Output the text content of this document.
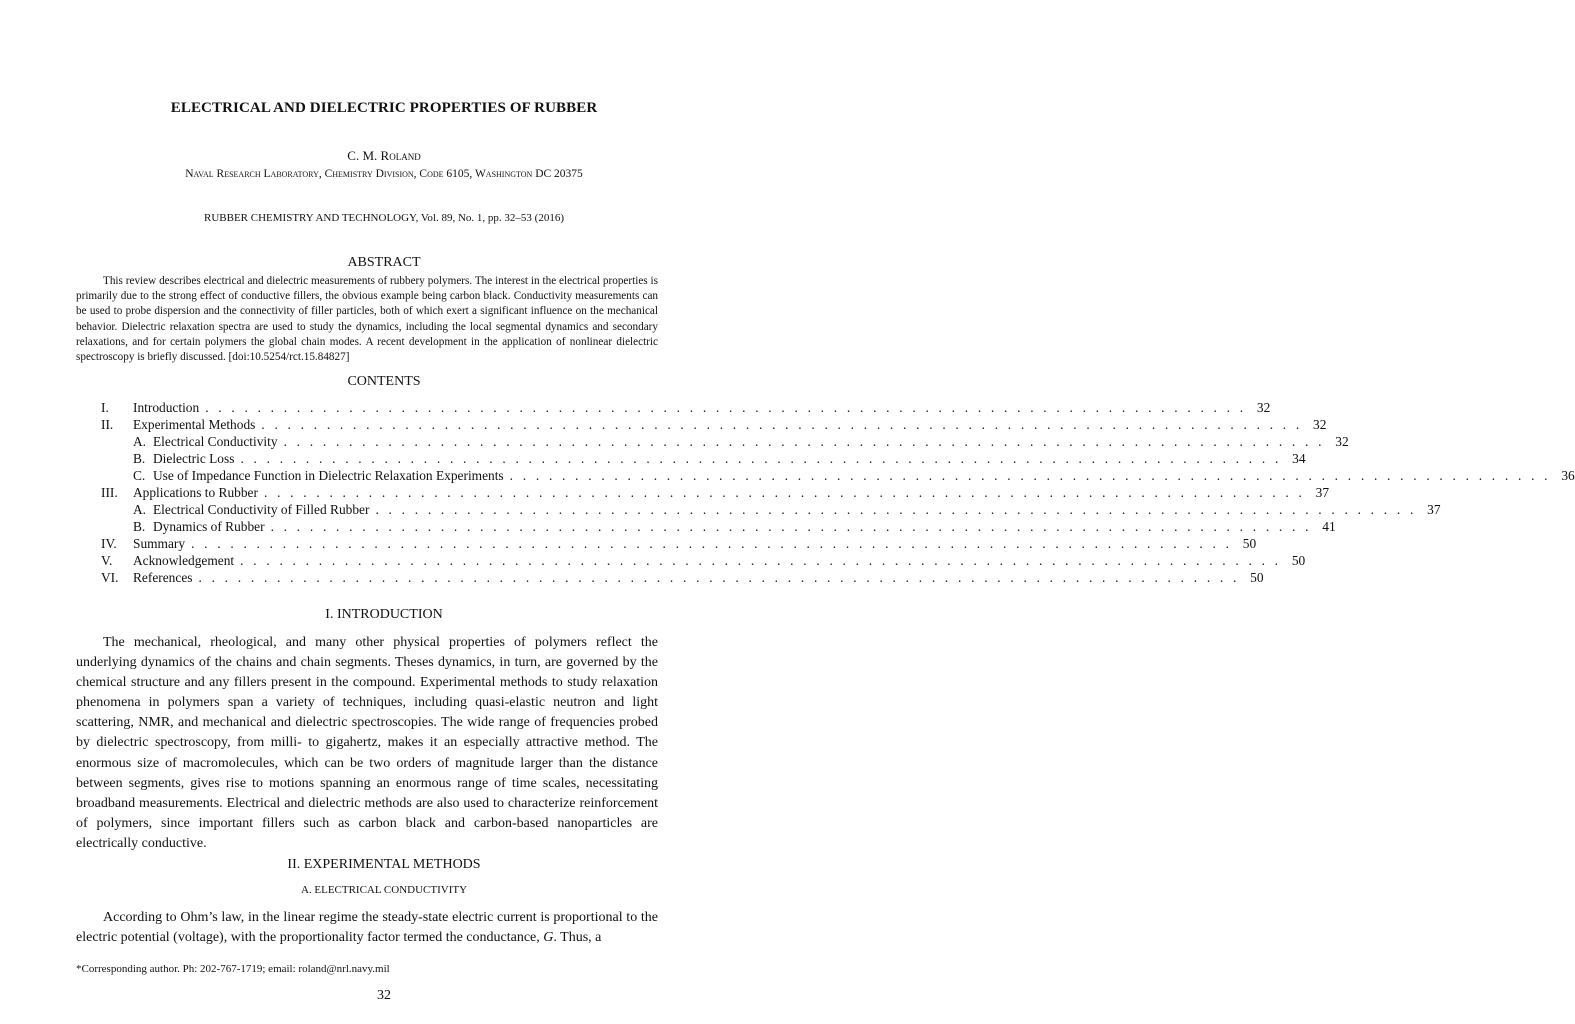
ELECTRICAL AND DIELECTRIC PROPERTIES OF RUBBER
C. M. Roland
Naval Research Laboratory, Chemistry Division, Code 6105, Washington DC 20375
RUBBER CHEMISTRY AND TECHNOLOGY, Vol. 89, No. 1, pp. 32–53 (2016)
ABSTRACT

This review describes electrical and dielectric measurements of rubbery polymers. The interest in the electrical properties is primarily due to the strong effect of conductive fillers, the obvious example being carbon black. Conductivity measurements can be used to probe dispersion and the connectivity of filler particles, both of which exert a significant influence on the mechanical behavior. Dielectric relaxation spectra are used to study the dynamics, including the local segmental dynamics and secondary relaxations, and for certain polymers the global chain modes. A recent development in the application of nonlinear dielectric spectroscopy is briefly discussed. [doi:10.5254/rct.15.84827]

CONTENTS
I.	Introduction . . . . . . . . . . . . . . . . . . . . . . . . . . . . . . . . . . . . . . . . . . . . . . . . . . . . . . . . . . . . . . . . . . . . . . . . . . . . . . . . 32
II.	Experimental Methods . . . . . . . . . . . . . . . . . . . . . . . . . . . . . . . . . . . . . . . . . . . . . . . . . . . . . . . . . . . . . . . . . . . . . . . . . . . . . . . . 32
A. Electrical Conductivity . . . . . . . . . . . . . . . . . . . . . . . . . . . . . . . . . . . . . . . . . . . . . . . . . . . . . . . . . . . . . . . . . . . . . . . . . . . . . . . . 32
B. Dielectric Loss . . . . . . . . . . . . . . . . . . . . . . . . . . . . . . . . . . . . . . . . . . . . . . . . . . . . . . . . . . . . . . . . . . . . . . . . . . . . . . . . 34
C. Use of Impedance Function in Dielectric Relaxation Experiments . . . . . . . . . . . . . . . . . . . . . . . . . . . . . . . . . . . . . . . . . . . . . . . . . . . . . . . . . . . . . . . . . . . . . . . . . . . . . . . . 36
III.	Applications to Rubber . . . . . . . . . . . . . . . . . . . . . . . . . . . . . . . . . . . . . . . . . . . . . . . . . . . . . . . . . . . . . . . . . . . . . . . . . . . . . . . . 37
A. Electrical Conductivity of Filled Rubber . . . . . . . . . . . . . . . . . . . . . . . . . . . . . . . . . . . . . . . . . . . . . . . . . . . . . . . . . . . . . . . . . . . . . . . . . . . . . . . . 37
B. Dynamics of Rubber . . . . . . . . . . . . . . . . . . . . . . . . . . . . . . . . . . . . . . . . . . . . . . . . . . . . . . . . . . . . . . . . . . . . . . . . . . . . . . . . 41
IV.	Summary . . . . . . . . . . . . . . . . . . . . . . . . . . . . . . . . . . . . . . . . . . . . . . . . . . . . . . . . . . . . . . . . . . . . . . . . . . . . . . . . 50
V.	Acknowledgement . . . . . . . . . . . . . . . . . . . . . . . . . . . . . . . . . . . . . . . . . . . . . . . . . . . . . . . . . . . . . . . . . . . . . . . . . . . . . . . . 50
VI.	References . . . . . . . . . . . . . . . . . . . . . . . . . . . . . . . . . . . . . . . . . . . . . . . . . . . . . . . . . . . . . . . . . . . . . . . . . . . . . . . . 50
I. INTRODUCTION

The mechanical, rheological, and many other physical properties of polymers reflect the underlying dynamics of the chains and chain segments. Theses dynamics, in turn, are governed by the chemical structure and any fillers present in the compound. Experimental methods to study relaxation phenomena in polymers span a variety of techniques, including quasi-elastic neutron and light scattering, NMR, and mechanical and dielectric spectroscopies. The wide range of frequencies probed by dielectric spectroscopy, from milli- to gigahertz, makes it an especially attractive method. The enormous size of macromolecules, which can be two orders of magnitude larger than the distance between segments, gives rise to motions spanning an enormous range of time scales, necessitating broadband measurements. Electrical and dielectric methods are also used to characterize reinforcement of polymers, since important fillers such as carbon black and carbon-based nanoparticles are electrically conductive.

II. EXPERIMENTAL METHODS
A. ELECTRICAL CONDUCTIVITY

According to Ohm’s law, in the linear regime the steady-state electric current is proportional to the electric potential (voltage), with the proportionality factor termed the conductance, G. Thus, a

*Corresponding author. Ph: 202-767-1719; email: roland@nrl.navy.mil
32
